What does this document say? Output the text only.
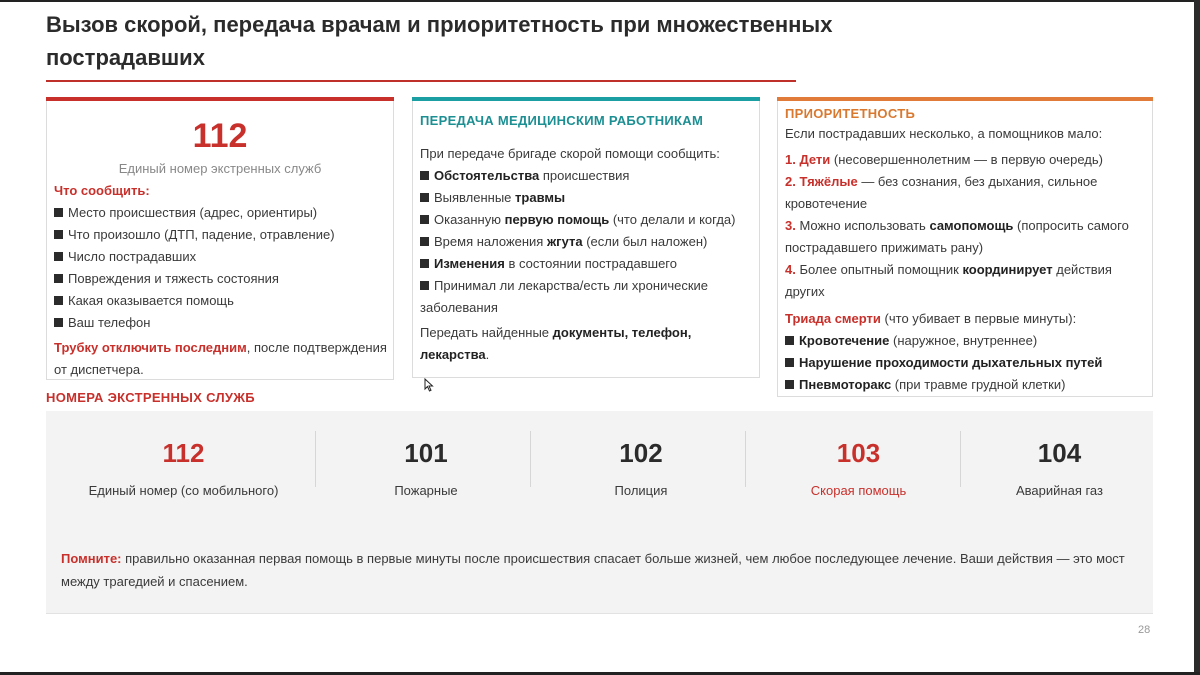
Вызов скорой, передача врачам и приоритетность при множественных пострадавших
112
Единый номер экстренных служб
Что сообщить:
Место происшествия (адрес, ориентиры)
Что произошло (ДТП, падение, отравление)
Число пострадавших
Повреждения и тяжесть состояния
Какая оказывается помощь
Ваш телефон
Трубку отключить последним, после подтверждения от диспетчера.
ПЕРЕДАЧА МЕДИЦИНСКИМ РАБОТНИКАМ
При передаче бригаде скорой помощи сообщить:
Обстоятельства происшествия
Выявленные травмы
Оказанную первую помощь (что делали и когда)
Время наложения жгута (если был наложен)
Изменения в состоянии пострадавшего
Принимал ли лекарства/есть ли хронические заболевания
Передать найденные документы, телефон, лекарства.
ПРИОРИТЕТНОСТЬ
Если пострадавших несколько, а помощников мало:
1. Дети (несовершеннолетним — в первую очередь)
2. Тяжёлые — без сознания, без дыхания, сильное кровотечение
3. Можно использовать самопомощь (попросить самого пострадавшего прижимать рану)
4. Более опытный помощник координирует действия других
Триада смерти (что убивает в первые минуты):
Кровотечение (наружное, внутреннее)
Нарушение проходимости дыхательных путей
Пневмоторакс (при травме грудной клетки)
НОМЕРА ЭКСТРЕННЫХ СЛУЖБ
112
Единый номер (со мобильного)
101
Пожарные
102
Полиция
103
Скорая помощь
104
Аварийная газ
Помните: правильно оказанная первая помощь в первые минуты после происшествия спасает больше жизней, чем любое последующее лечение. Ваши действия — это мост между трагедией и спасением.
28
